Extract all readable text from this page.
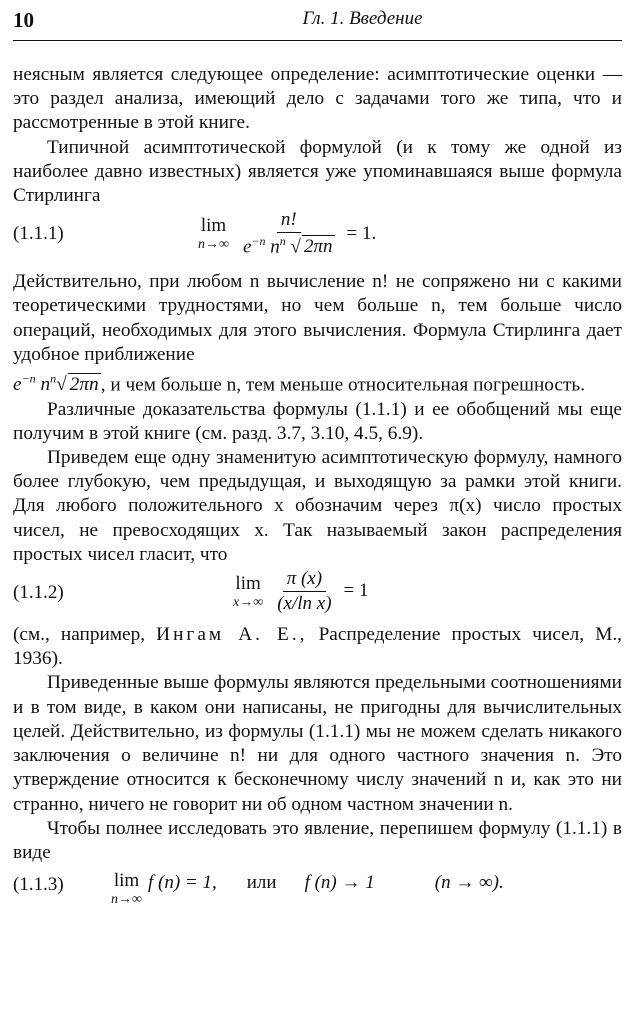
10	Гл. 1. Введение

неясным является следующее определение: асимптотические оценки — это раздел анализа, имеющий дело с задачами того же типа, что и рассмотренные в этой книге.

Типичной асимптотической формулой (и к тому же одной из наиболее давно известных) является уже упоминавшаяся выше формула Стирлинга

(1.1.1)	lim
$n\to\infty \frac{n!}{e^{-n} n^n √ 2\pi n} = 1$.

Действительно, при любом n вычисление n! не сопряжено ни с какими теоретическими трудностями, но чем больше n, тем больше число операций, необходимых для этого вычисления. Формула Стирлинга дает удобное приближение

$e^{-n}$ $n^n√$ 2πn , и чем больше n, тем меньше относительная погрешность.

Различные доказательства формулы (1.1.1) и ее обобщений мы еще получим в этой книге (см. разд. 3.7, 3.10, 4.5, 6.9).

Приведем еще одну знаменитую асимптотическую формулу, намного более глубокую, чем предыдущая, и выходящую за рамки этой книги. Для любого положительного x обозначим через π(x) число простых чисел, не превосходящих x. Так называемый закон распределения простых чисел гласит, что

(1.1.2)	lim
$x\to\infty \frac{\pi (x)}{\text{(x/ln x)}} = 1$

(см., например, Ингам А. Е., Распределение простых чисел, М., 1936).

Приведенные выше формулы являются предельными соотношениями и в том виде, в каком они написаны, не пригодны для вычислительных целей. Действительно, из формулы (1.1.1) мы не можем сделать никакого заключения о величине n! ни для одного частного значения n. Это утверждение относится к бесконечному числу значений n и, как это ни странно, ничего не говорит ни об одном частном значении n.

Чтобы полнее исследовать это явление, перепишем формулу (1.1.1) в виде

(1.1.3)	lim
n→∞
f (n) = 1, или f (n) → 1	(n → ∞).
